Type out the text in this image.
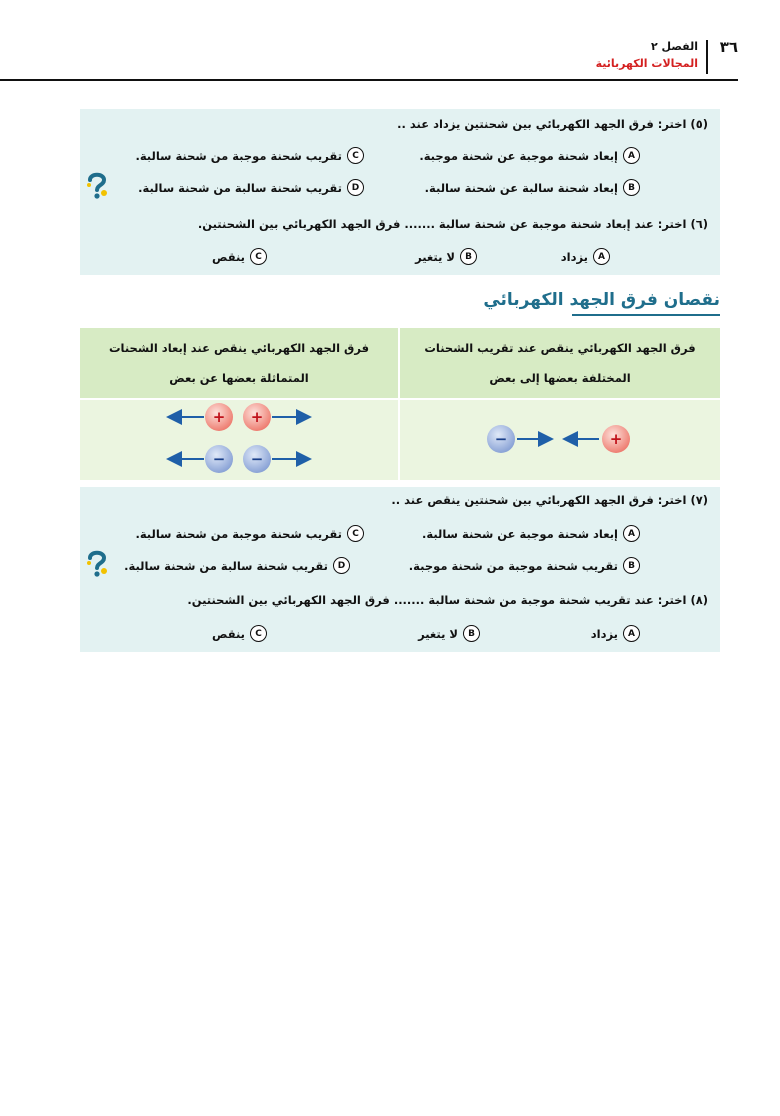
٣٦
الفصل ٢
المجالات الكهربائية
(٥) اختر: فرق الجهد الكهربائي بين شحنتين يزداد عند ..
A
إبعاد شحنة موجبة عن شحنة موجبة.
C
تقريب شحنة موجبة من شحنة سالبة.
B
إبعاد شحنة سالبة عن شحنة سالبة.
D
تقريب شحنة سالبة من شحنة سالبة.
(٦) اختر: عند إبعاد شحنة موجبة عن شحنة سالبة ....... فرق الجهد الكهربائي بين الشحنتين.
A
يزداد
B
لا يتغير
C
ينقص
نقصان فرق الجهد الكهربائي
فرق الجهد الكهربائي ينقص عند تقريب الشحنات
المختلفة بعضها إلى بعض
فرق الجهد الكهربائي ينقص عند إبعاد الشحنات
المتماثلة بعضها عن بعض
+ +
− −
−	+
(٧) اختر: فرق الجهد الكهربائي بين شحنتين ينقص عند ..
A
إبعاد شحنة موجبة عن شحنة سالبة.
C
تقريب شحنة موجبة من شحنة سالبة.
B
تقريب شحنة موجبة من شحنة موجبة.
D
تقريب شحنة سالبة من شحنة سالبة.
(٨) اختر: عند تقريب شحنة موجبة من شحنة سالبة ....... فرق الجهد الكهربائي بين الشحنتين.
A
يزداد
B
لا يتغير
C
ينقص
